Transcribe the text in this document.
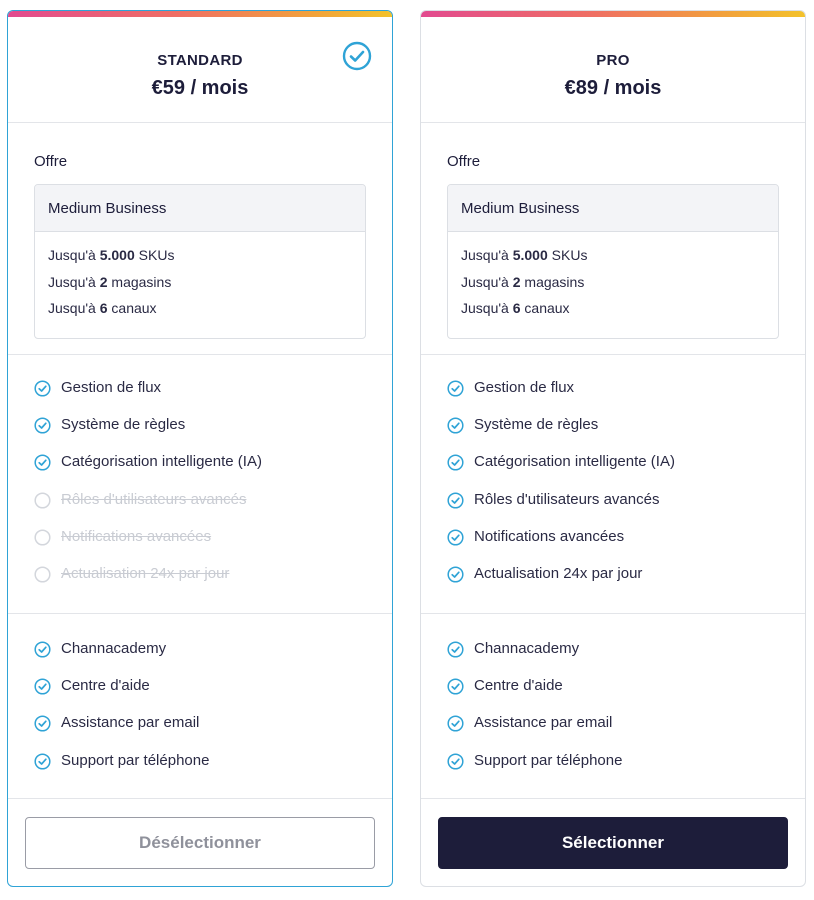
STANDARD
€59 / mois
Offre
Medium Business
Jusqu'à 5.000 SKUs
Jusqu'à 2 magasins
Jusqu'à 6 canaux
Gestion de flux
Système de règles
Catégorisation intelligente (IA)
Rôles d'utilisateurs avancés
Notifications avancées
Actualisation 24x par jour
Channacademy
Centre d'aide
Assistance par email
Support par téléphone
Désélectionner
PRO
€89 / mois
Offre
Medium Business
Jusqu'à 5.000 SKUs
Jusqu'à 2 magasins
Jusqu'à 6 canaux
Gestion de flux
Système de règles
Catégorisation intelligente (IA)
Rôles d'utilisateurs avancés
Notifications avancées
Actualisation 24x par jour
Channacademy
Centre d'aide
Assistance par email
Support par téléphone
Sélectionner
